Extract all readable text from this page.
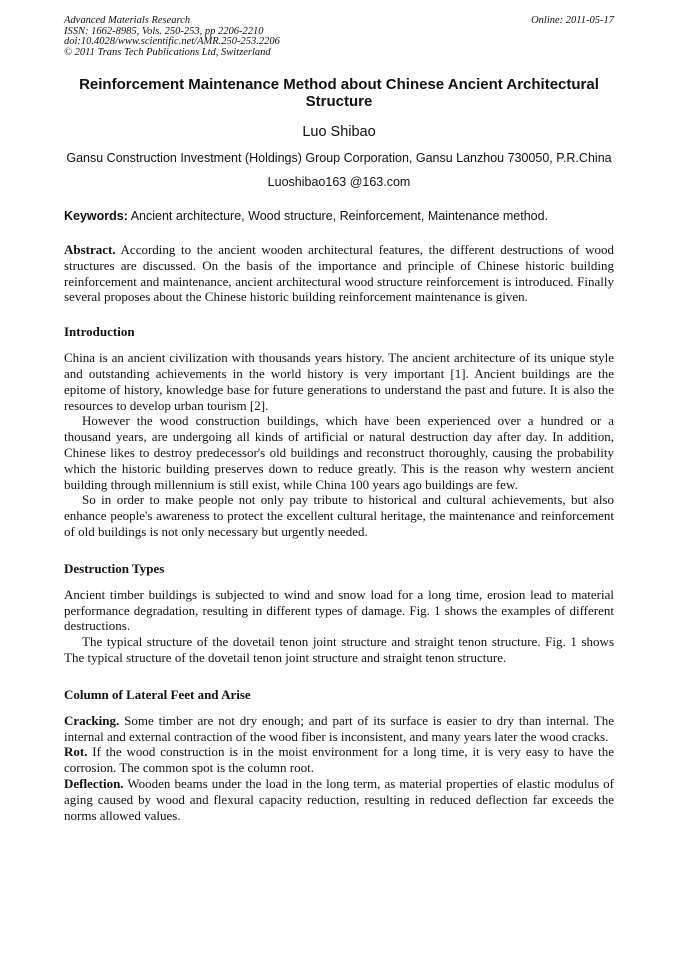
Advanced Materials Research
ISSN: 1662-8985, Vols. 250-253, pp 2206-2210
doi:10.4028/www.scientific.net/AMR.250-253.2206
© 2011 Trans Tech Publications Ltd, Switzerland
Online: 2011-05-17
Reinforcement Maintenance Method about Chinese Ancient Architectural Structure
Luo Shibao
Gansu Construction Investment (Holdings) Group Corporation, Gansu Lanzhou 730050, P.R.China
Luoshibao163 @163.com
Keywords: Ancient architecture, Wood structure, Reinforcement, Maintenance method.

Abstract. According to the ancient wooden architectural features, the different destructions of wood structures are discussed. On the basis of the importance and principle of Chinese historic building reinforcement and maintenance, ancient architectural wood structure reinforcement is introduced. Finally several proposes about the Chinese historic building reinforcement maintenance is given.

Introduction

China is an ancient civilization with thousands years history. The ancient architecture of its unique style and outstanding achievements in the world history is very important [1]. Ancient buildings are the epitome of history, knowledge base for future generations to understand the past and future. It is also the resources to develop urban tourism [2].

However the wood construction buildings, which have been experienced over a hundred or a thousand years, are undergoing all kinds of artificial or natural destruction day after day. In addition, Chinese likes to destroy predecessor's old buildings and reconstruct thoroughly, causing the probability which the historic building preserves down to reduce greatly. This is the reason why western ancient building through millennium is still exist, while China 100 years ago buildings are few.

So in order to make people not only pay tribute to historical and cultural achievements, but also enhance people's awareness to protect the excellent cultural heritage, the maintenance and reinforcement of old buildings is not only necessary but urgently needed.

Destruction Types

Ancient timber buildings is subjected to wind and snow load for a long time, erosion lead to material performance degradation, resulting in different types of damage. Fig. 1 shows the examples of different destructions.

The typical structure of the dovetail tenon joint structure and straight tenon structure. Fig. 1 shows The typical structure of the dovetail tenon joint structure and straight tenon structure.

Column of Lateral Feet and Arise

Cracking. Some timber are not dry enough; and part of its surface is easier to dry than internal. The internal and external contraction of the wood fiber is inconsistent, and many years later the wood cracks.

Rot. If the wood construction is in the moist environment for a long time, it is very easy to have the corrosion. The common spot is the column root.

Deflection. Wooden beams under the load in the long term, as material properties of elastic modulus of aging caused by wood and flexural capacity reduction, resulting in reduced deflection far exceeds the norms allowed values.
